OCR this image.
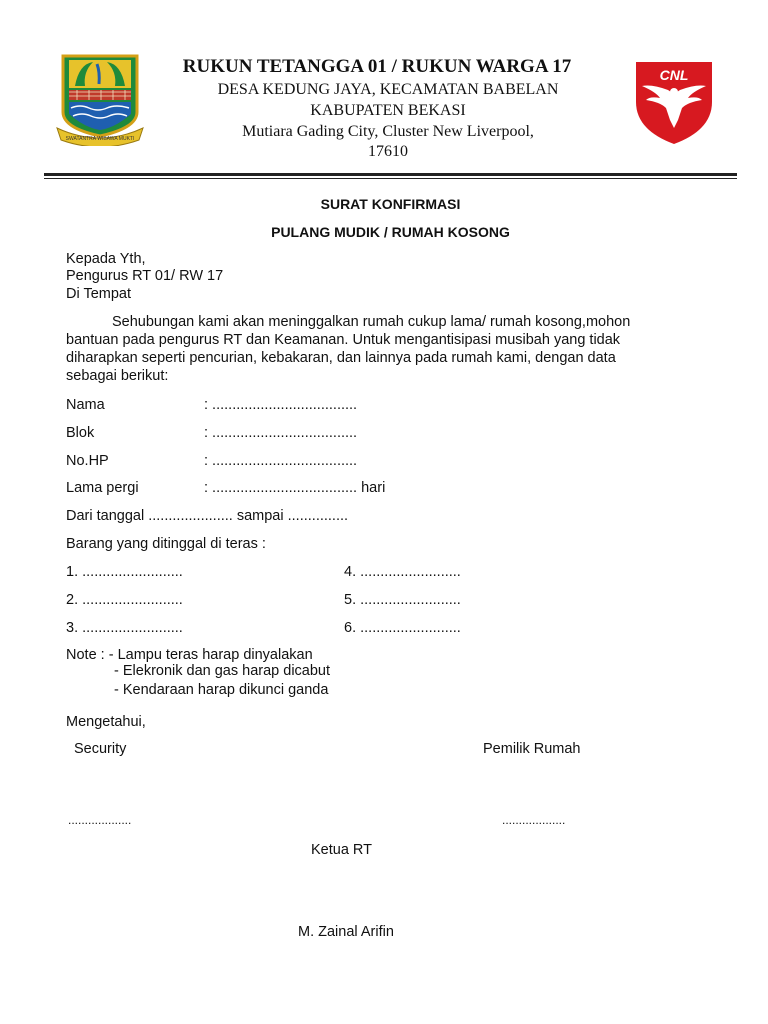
SWATANTRA WIBAWA MUKTI
RUKUN TETANGGA 01 / RUKUN WARGA 17
DESA KEDUNG JAYA, KECAMATAN BABELAN
KABUPATEN BEKASI
Mutiara Gading City, Cluster New Liverpool,
17610
CNL
SURAT KONFIRMASI
PULANG MUDIK / RUMAH KOSONG
Kepada Yth,
Pengurus RT 01/ RW 17
Di Tempat
Sehubungan kami akan meninggalkan rumah cukup lama/ rumah kosong,mohon
bantuan pada pengurus RT dan Keamanan. Untuk mengantisipasi musibah yang tidak
diharapkan seperti pencurian, kebakaran, dan lainnya pada rumah kami, dengan data
sebagai berikut:
Nama	: ....................................
Blok	: ....................................
No.HP	: ....................................
Lama pergi	: .................................... hari
Dari tanggal ..................... sampai ...............
Barang yang ditinggal di teras :
1. .........................	4. .........................
2. .........................	5. .........................
3. .........................	6. .........................
Note : - Lampu teras harap dinyalakan
- Elekronik dan gas harap dicabut
- Kendaraan harap dikunci ganda
Mengetahui,
Security	Pemilik Rumah
...................	...................
Ketua RT
M. Zainal Arifin
